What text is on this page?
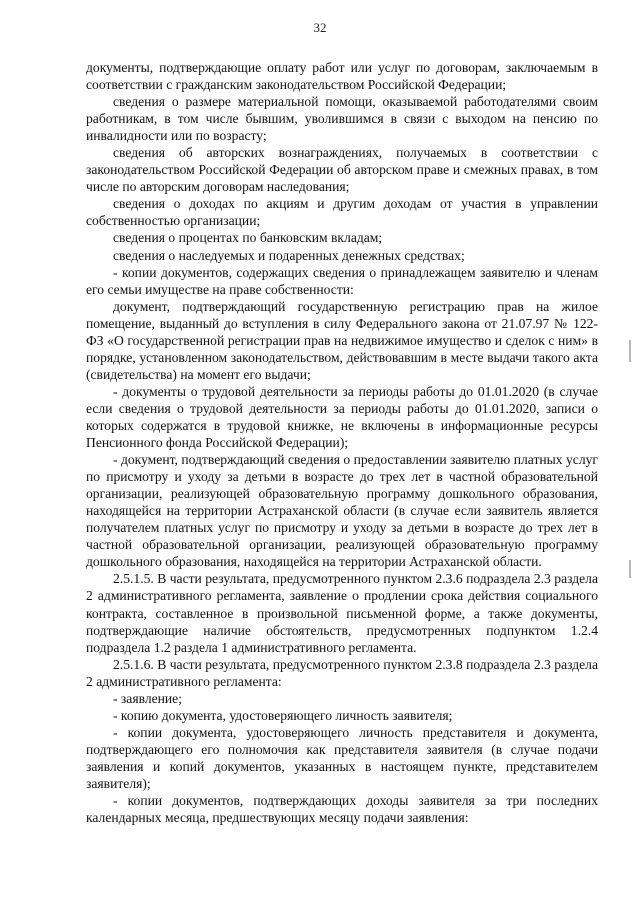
32

документы, подтверждающие оплату работ или услуг по договорам, заключаемым в соответствии с гражданским законодательством Российской Федерации;

сведения о размере материальной помощи, оказываемой работодателями своим работникам, в том числе бывшим, уволившимся в связи с выходом на пенсию по инвалидности или по возрасту;

сведения об авторских вознаграждениях, получаемых в соответствии с законодательством Российской Федерации об авторском праве и смежных правах, в том числе по авторским договорам наследования;

сведения о доходах по акциям и другим доходам от участия в управлении собственностью организации;

сведения о процентах по банковским вкладам;

сведения о наследуемых и подаренных денежных средствах;

- копии документов, содержащих сведения о принадлежащем заявителю и членам его семьи имуществе на праве собственности:

документ, подтверждающий государственную регистрацию прав на жилое помещение, выданный до вступления в силу Федерального закона от 21.07.97 № 122-ФЗ «О государственной регистрации прав на недвижимое имущество и сделок с ним» в порядке, установленном законодательством, действовавшим в месте выдачи такого акта (свидетельства) на момент его выдачи;

- документы о трудовой деятельности за периоды работы до 01.01.2020 (в случае если сведения о трудовой деятельности за периоды работы до 01.01.2020, записи о которых содержатся в трудовой книжке, не включены в информационные ресурсы Пенсионного фонда Российской Федерации);

- документ, подтверждающий сведения о предоставлении заявителю платных услуг по присмотру и уходу за детьми в возрасте до трех лет в частной образовательной организации, реализующей образовательную программу дошкольного образования, находящейся на территории Астраханской области (в случае если заявитель является получателем платных услуг по присмотру и уходу за детьми в возрасте до трех лет в частной образовательной организации, реализующей образовательную программу дошкольного образования, находящейся на территории Астраханской области.

2.5.1.5. В части результата, предусмотренного пунктом 2.3.6 подраздела 2.3 раздела 2 административного регламента, заявление о продлении срока действия социального контракта, составленное в произвольной письменной форме, а также документы, подтверждающие наличие обстоятельств, предусмотренных подпунктом 1.2.4 подраздела 1.2 раздела 1 административного регламента.

2.5.1.6. В части результата, предусмотренного пунктом 2.3.8 подраздела 2.3 раздела 2 административного регламента:

- заявление;

- копию документа, удостоверяющего личность заявителя;

- копии документа, удостоверяющего личность представителя и документа, подтверждающего его полномочия как представителя заявителя (в случае подачи заявления и копий документов, указанных в настоящем пункте, представителем заявителя);

- копии документов, подтверждающих доходы заявителя за три последних календарных месяца, предшествующих месяцу подачи заявления:
